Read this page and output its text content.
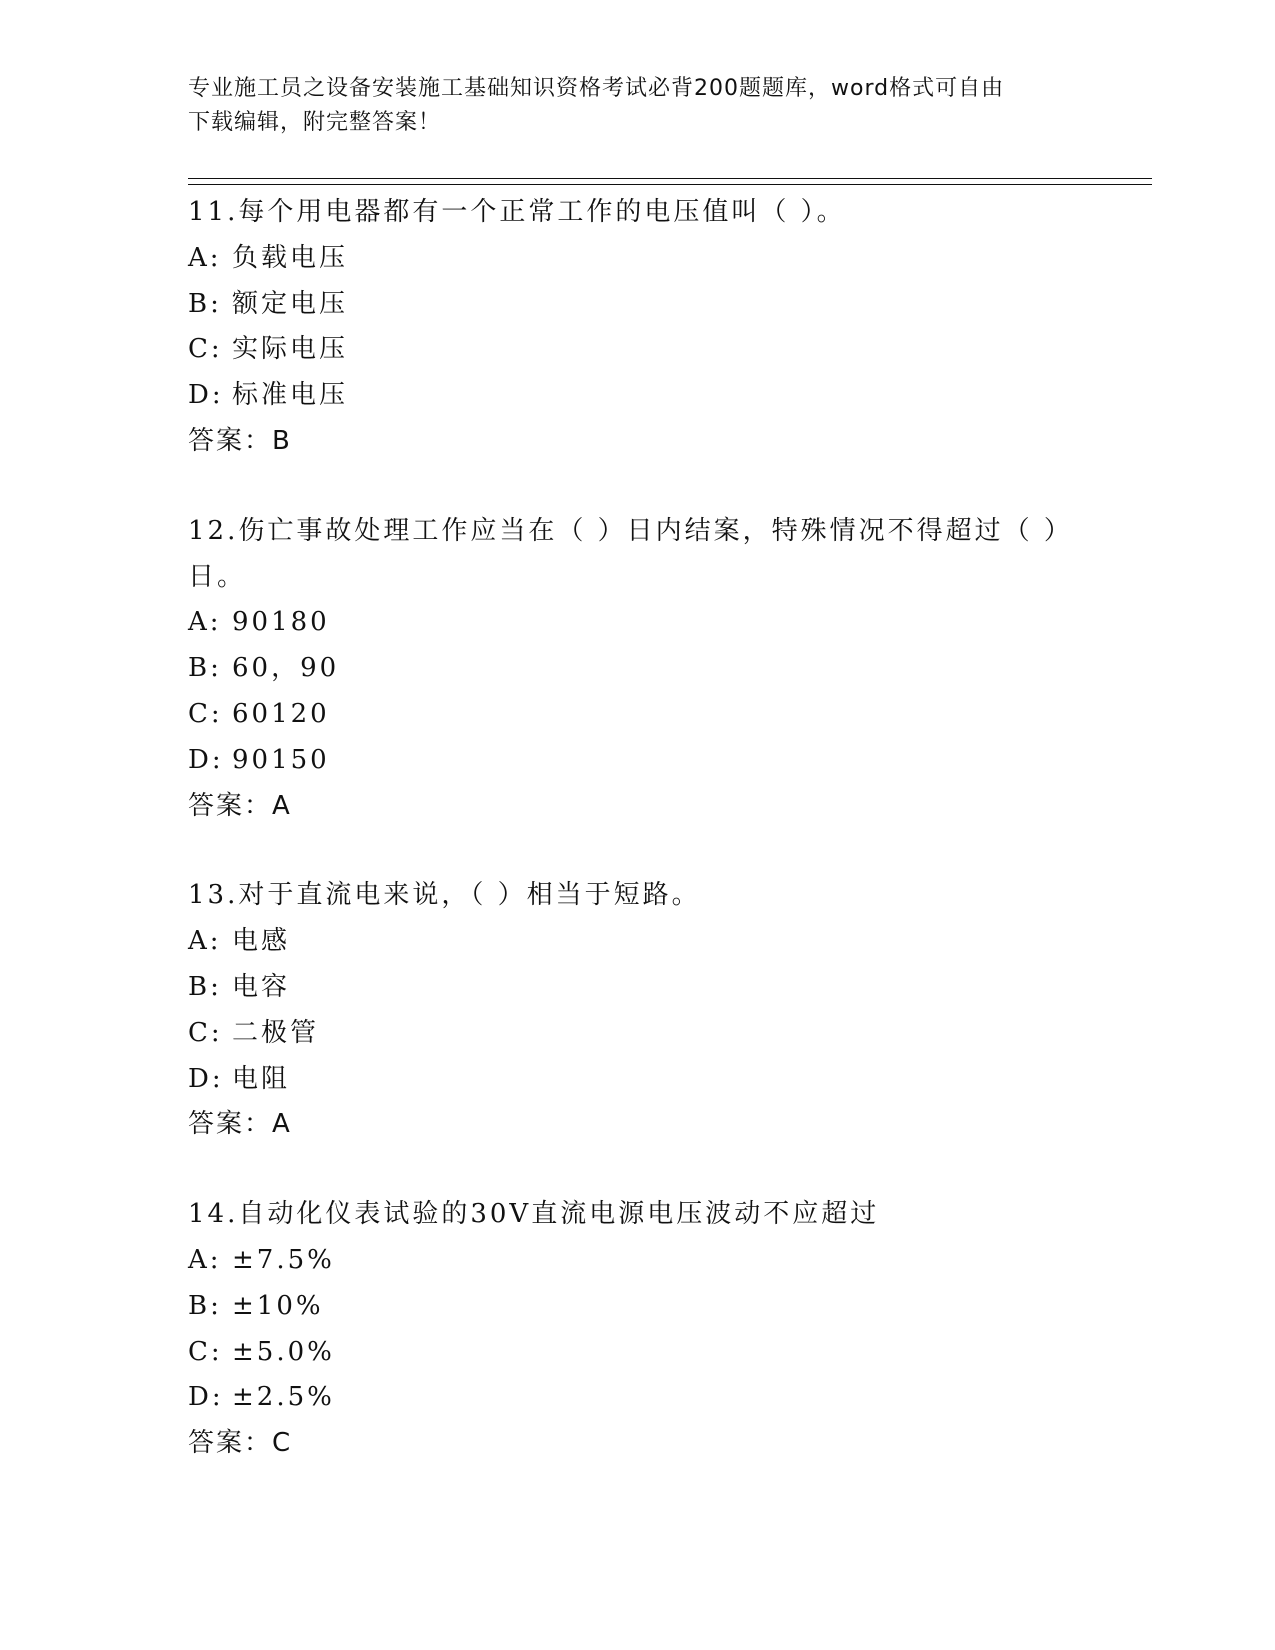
专业施工员之设备安装施工基础知识资格考试必背200题题库，word格式可自由
下载编辑，附完整答案！
11.每个用电器都有一个正常工作的电压值叫（ ）。
A: 负载电压
B: 额定电压
C: 实际电压
D: 标准电压
答案：B
12.伤亡事故处理工作应当在（ ）日内结案，特殊情况不得超过（ ）
日。
A: 90180
B: 60，90
C: 60120
D: 90150
答案：A
13.对于直流电来说，（ ）相当于短路。
A: 电感
B: 电容
C: 二极管
D: 电阻
答案：A
14.自动化仪表试验的30V直流电源电压波动不应超过
A: ±7.5%
B: ±10%
C: ±5.0%
D: ±2.5%
答案：C
